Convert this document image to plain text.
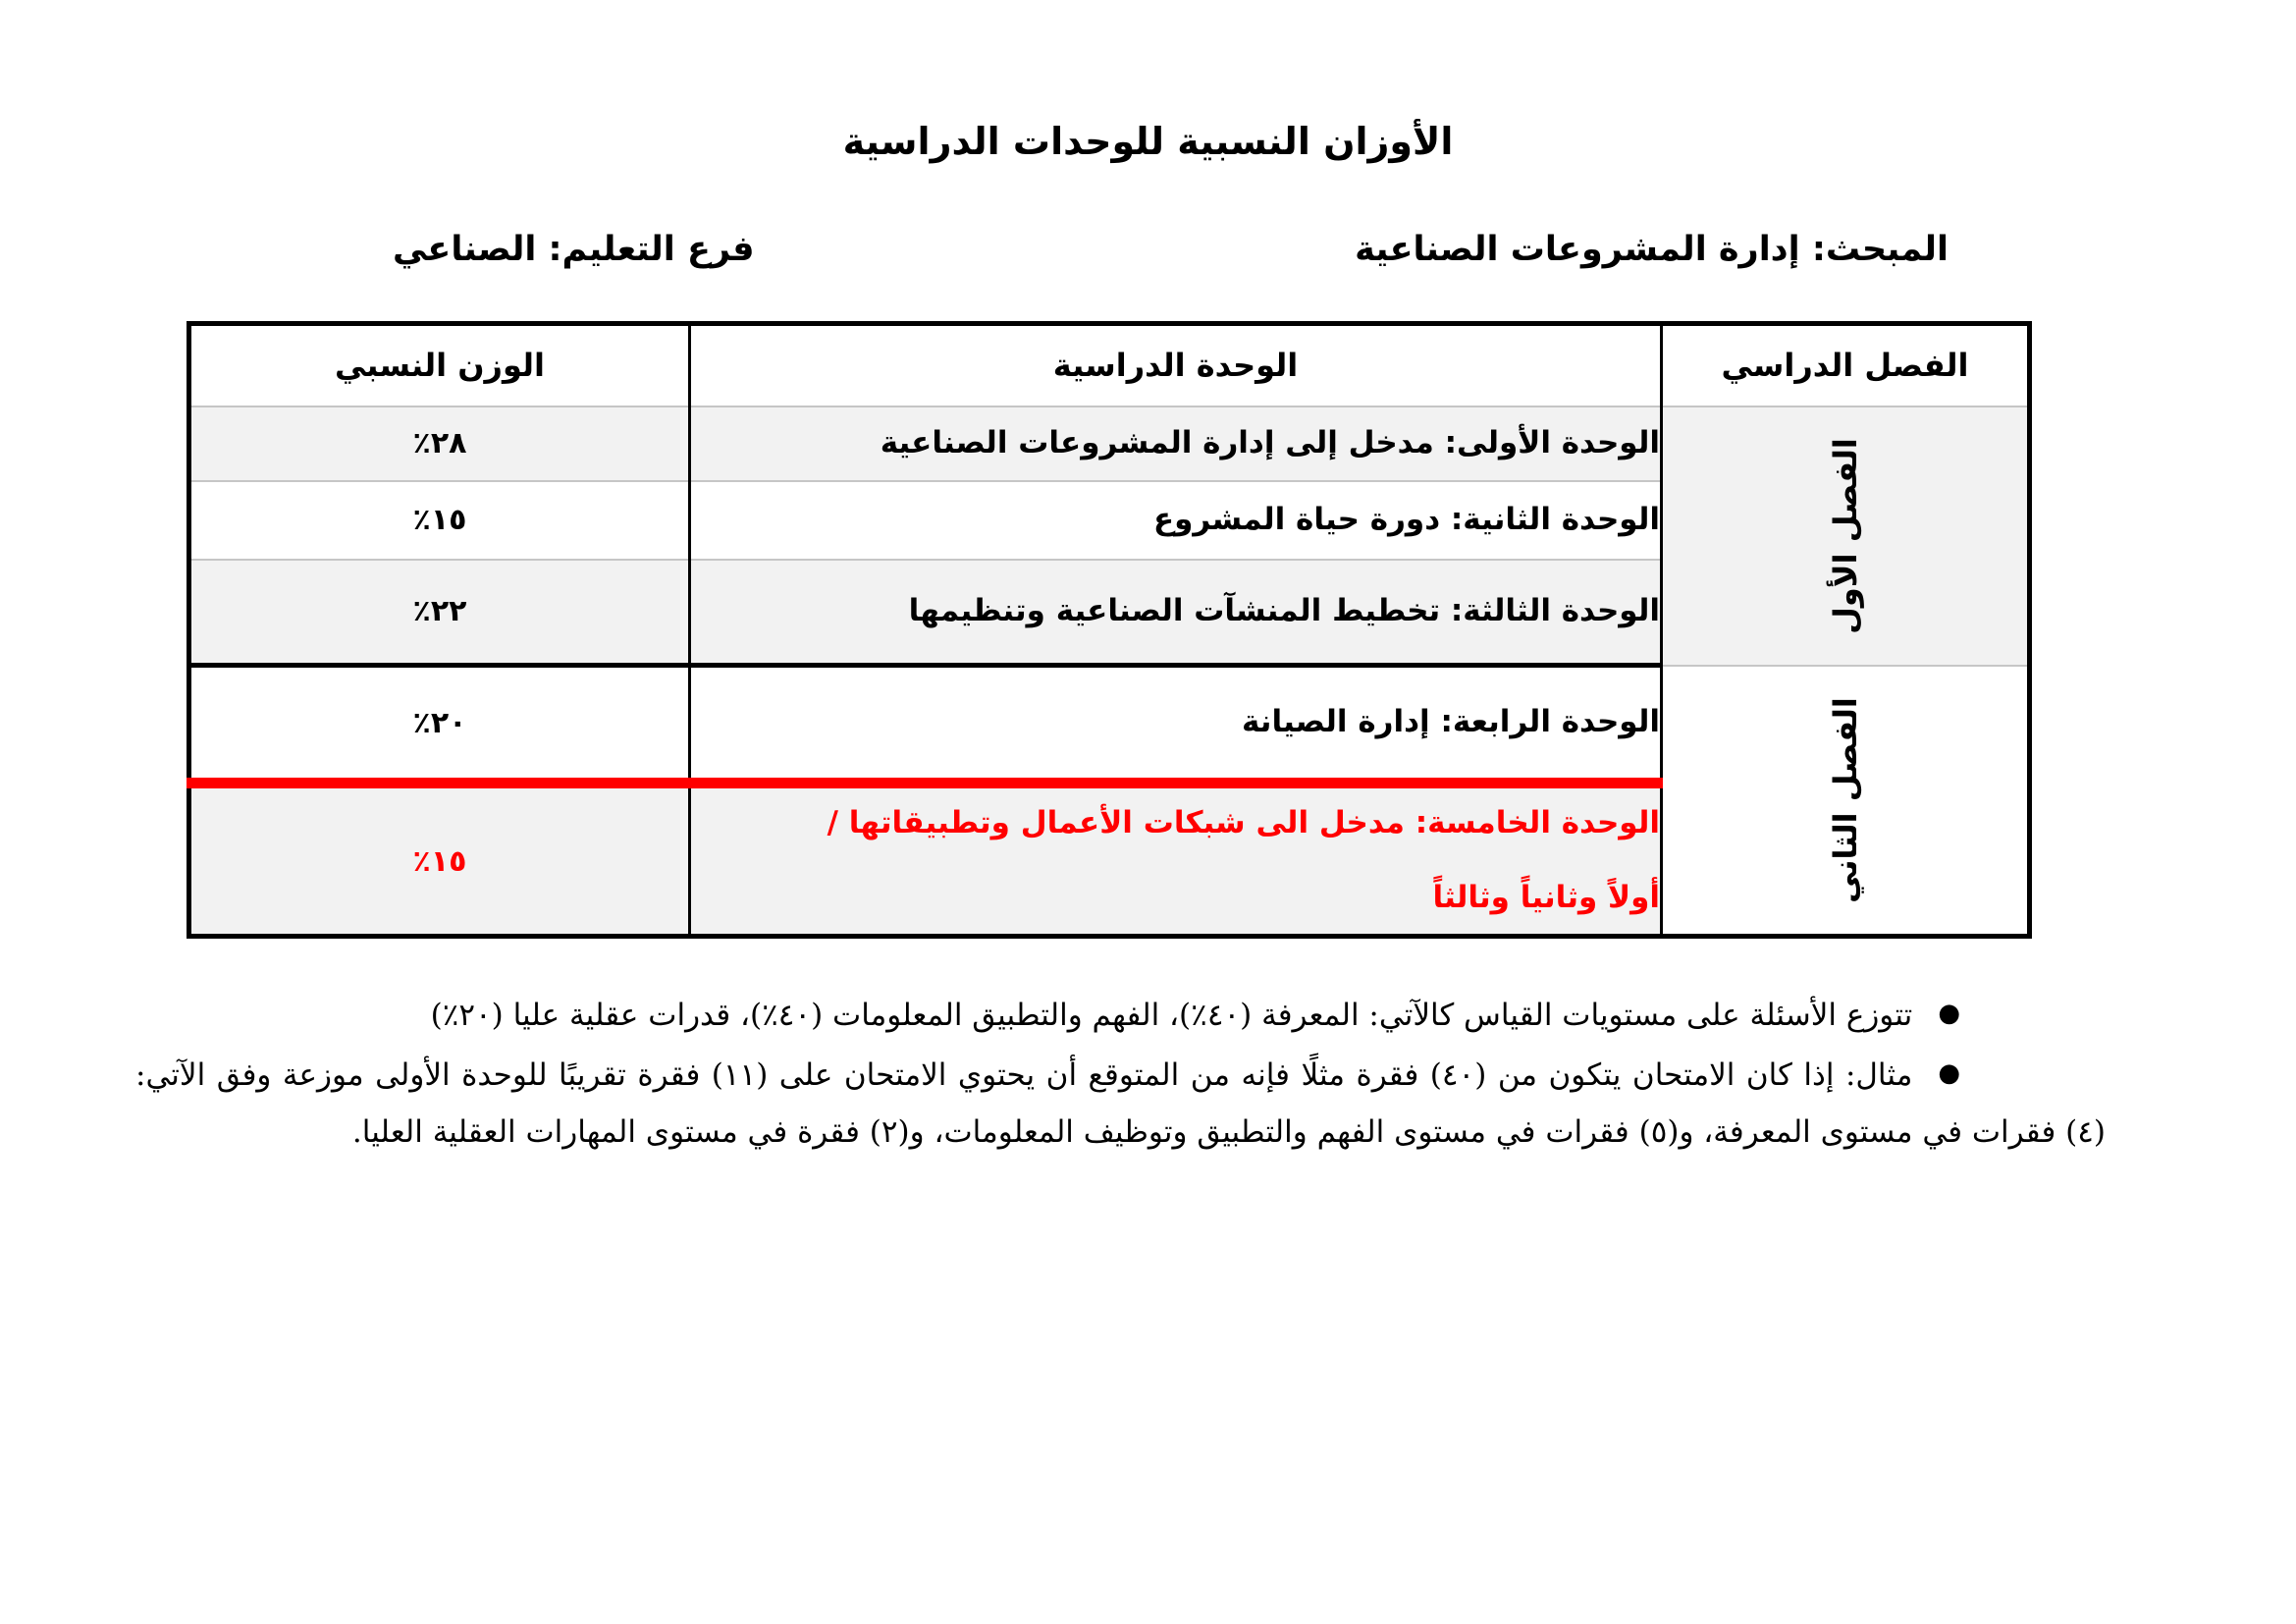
الأوزان النسبية للوحدات الدراسية
المبحث: إدارة المشروعات الصناعية
فرع التعليم: الصناعي
الفصل الدراسي	الوحدة الدراسية	الوزن النسبي
الفصل الأول	الوحدة الأولى: مدخل إلى إدارة المشروعات الصناعية	٢٨٪
	الوحدة الثانية: دورة حياة المشروع	١٥٪
	الوحدة الثالثة: تخطيط المنشآت الصناعية وتنظيمها	٢٢٪
الفصل الثاني	الوحدة الرابعة: إدارة الصيانة	٢٠٪

	الوحدة الخامسة: مدخل الى شبكات الأعمال وتطبيقاتها /
أولاً وثانياً وثالثاً	١٥٪
●تتوزع الأسئلة على مستويات القياس كالآتي: المعرفة (٤٠٪)، الفهم والتطبيق المعلومات (٤٠٪)، قدرات عقلية عليا (٢٠٪)
●مثال: إذا كان الامتحان يتكون من (٤٠) فقرة مثلًا فإنه من المتوقع أن يحتوي الامتحان على (١١) فقرة تقريبًا للوحدة الأولى موزعة وفق الآتي: (٤) فقرات في مستوى المعرفة، و(٥) فقرات في مستوى الفهم والتطبيق وتوظيف المعلومات، و(٢) فقرة في مستوى المهارات العقلية العليا.
